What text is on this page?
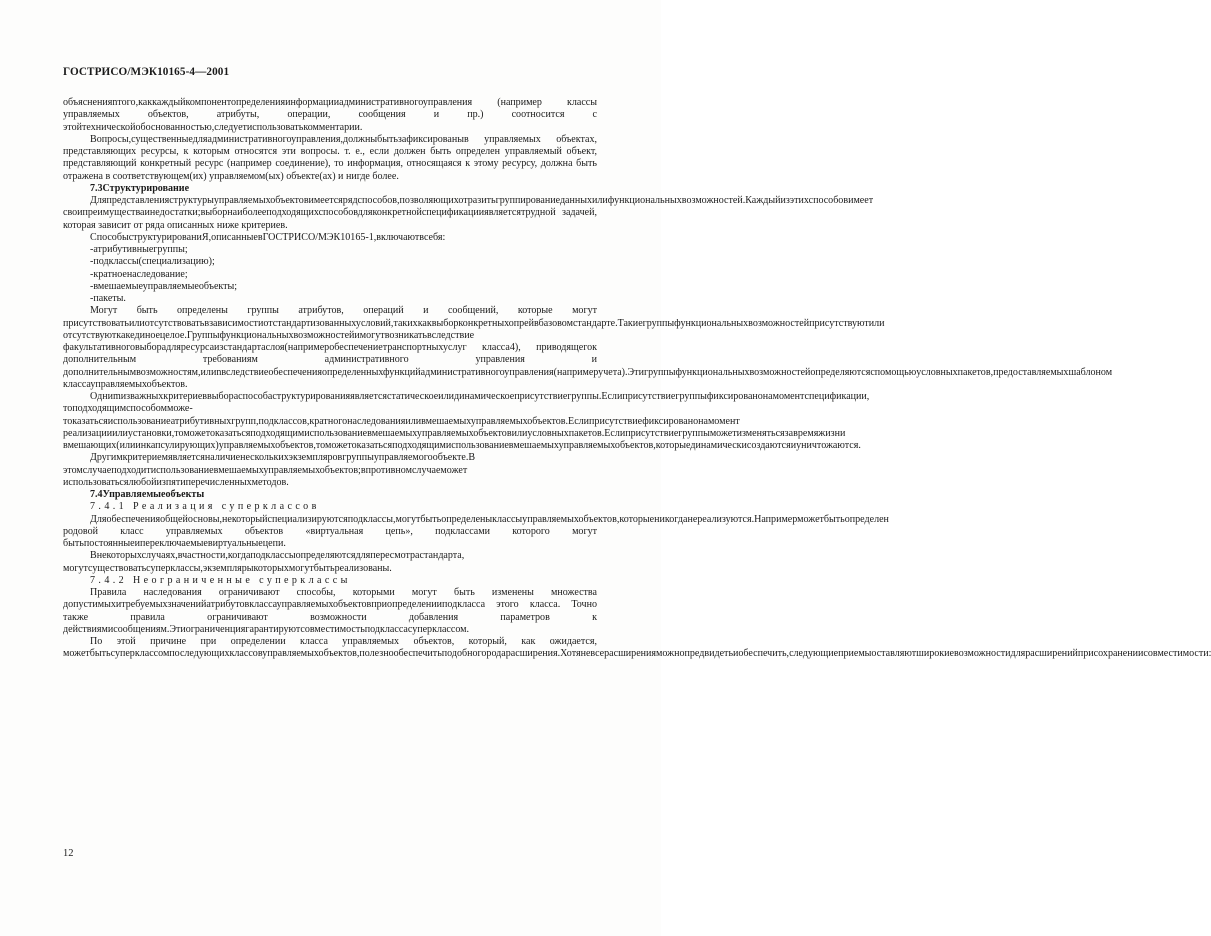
ГОСТРИСО/МЭК10165-4—2001

объясненияnтого,каккаждыйкомпонентопределенияинформацииадминистративногоуправления (например классы управляемых объектов, атрибуты, операции, сообщения и пр.) соотносится с этойтехническойобоснованностью,следуетиспользоватькомментарии.

Вопросы,существенныедляадминистративногоуправления,должныбытьзафиксированыв управляемых объектах, представляющих ресурсы, к которым относятся эти вопросы. т. е., если должен быть определен управляемый объект, представляющий конкретный ресурс (например соединение), то информация, относящаяся к этому ресурсу, должна быть отражена в соответствующем(их) управляемом(ых) объекте(ах) и нигде более.

7.3Структурирование

Дляпредставленияструктурыуправляемыхобъектовимеетсярядспособов,позволяющихотразитьгруппированиеданныхилифункциональныхвозможностей.Каждыйизэтихспособовимеет своипреимуществаинедостатки;выборнаиболееподходящихспособовдляконкретнойспецификацииявляетсятрудной задачей, которая зависит от ряда описанных ниже критериев.

СпособыструктурированиЯ,описанныевГОСТРИСО/МЭК10165-1,включаютвсебя:

-атрибутивныегруппы;

-подклассы(специализацию);

-кратноенаследование;

-вмешаемыеуправляемыеобъекты;

-пакеты.

Могут быть определены группы атрибутов, операций и сообщений, которые могут присутствоватьилиотсутствоватьвзависимостиотстандартизованныхусловий,такихкаквыборконкретныхопрейвбазовомстандарте.Такиегруппыфункциональныхвозможностейприсутствуютили отсутствуюткакединоецелое.Группыфункциональныхвозможностейимогутвозникатьвследствие факультативноговыборадляресурсаизстандартаслоя(напримеробеспечениетранспортныхуслуг класса4), приводящегок дополнительным требованиям административного управления и дополнительнымвозможностям,илиnвследствиеобеспеченияопределенныхфункцийадминистративногоуправления(напримеручета).Этигруппыфункциональныхвозможностейопределяютсяспомощьюусловныхпакетов,предоставляемыхшаблоном классауправляемыхобъектов.

Одниmизважныхкритериеввыбораспособаструктурированияявляетсястатическоеилидинамическоеприсутствиегруппы.Еслиприсутствиегруппыфиксированонамоментспецификации, топодходящимспособомможетоказатьсяиспользованиеатрибутивныхгрупп,подклассов,кратногонаследованияиливмешаемыхуправляемыхобъектов.Еслиприсутствиефиксированонамомент реализацииилиустановки,томожетоказатьсяподходящимиспользованиевмешаемыхуправляемыхобъектовилиусловныхпакетов.Еслиприсутствиегруппыможетизменятьсязавремяжизни вмешающих(илиинкапсулирующих)управляемыхобъектов,томожетоказатьсяподходящимиспользованиевмешаемыхуправляемыхобъектов,которыединамическисоздаютсяиуничтожаются.

Другимкритериемявляетсяналичиенесколькихэкземпляровгруппыуправляемогообъекте.В этомслучаеподходитиспользованиевмешаемыхуправляемыхобъектов;впротивномслучаеможет использоватьсялюбойизпятиперечисленныхметодов.

7.4Управляемыеобъекты

7.4.1 Реализация суперклассов

Дляобеспеченияобщейосновы,некоторыйспециализируютсяподклассы,могутбытьопределеныклассыуправляемыхобъектов,которыеникогданереализуются.Напримерможетбытьопределен родовой класс управляемых объектов «виртуальная цепь», подклассами которого могут бытьпостоянныеипереключаемыевиртуальныецепи.

Внекоторыхслучаях,вчастности,когдаподклассыопределяютсядляпересмотрастандарта, могутсуществоватьсуперклассы,экземплярыкоторыхмогутбытьреализованы.

7.4.2 Неограниченные суперклассы

Правила наследования ограничивают способы, которыми могут быть изменены множества допустимыхитребуемыхзначенийатрибутовклассауправляемыхобъектовприопределенииподкласса этого класса. Точно также правила ограничивают возможности добавления параметров к действиямисообщениям.Этиограниченциягарантируютсовместимостьподклассасуперклассом.

По этой причине при определении класса управляемых объектов, который, как ожидается, можетбытьсуперклассомпоследующихклассовуправляемыхобъектов,полезнообеспечитьподобногородарасширения.Хотяневсерасширенияможнопредвидетьиобеспечить,следующиеприемыоставляютширокиевозможностидлярасширенийприсохранениисовместимости:

12
